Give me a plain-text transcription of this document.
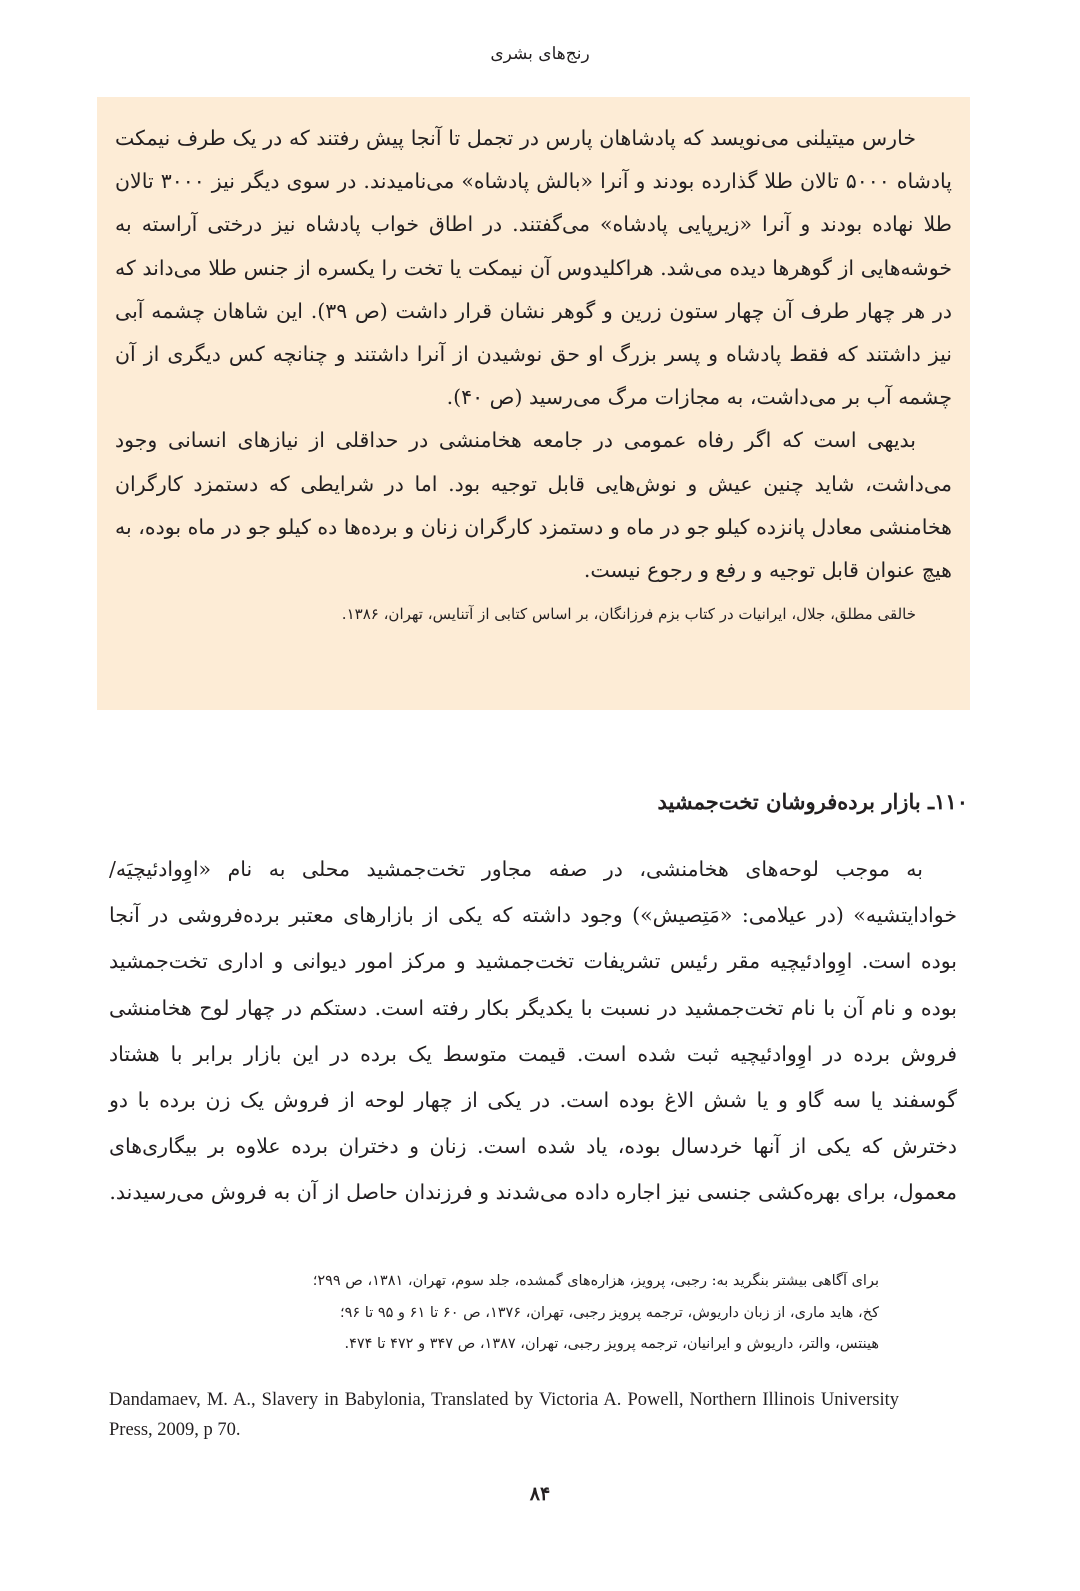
رنج‌های بشری

خارس میتیلنی می‌نویسد که پادشاهان پارس در تجمل تا آنجا پیش رفتند که در یک طرف نیمکت پادشاه ۵۰۰۰ تالان طلا گذارده بودند و آنرا «بالش پادشاه» می‌نامیدند. در سوی دیگر نیز ۳۰۰۰ تالان طلا نهاده بودند و آنرا «زیرپایی پادشاه» می‌گفتند. در اطاق خواب پادشاه نیز درختی آراسته به خوشه‌هایی از گوهرها دیده می‌شد. هراکلیدوس آن نیمکت یا تخت را یکسره از جنس طلا می‌داند که در هر چهار طرف آن چهار ستون زرین و گوهر نشان قرار داشت (ص ۳۹). این شاهان چشمه آبی نیز داشتند که فقط پادشاه و پسر بزرگ او حق نوشیدن از آنرا داشتند و چنانچه کس دیگری از آن چشمه آب بر می‌داشت، به مجازات مرگ می‌رسید (ص ۴۰).

بدیهی است که اگر رفاه عمومی در جامعه هخامنشی در حداقلی از نیازهای انسانی وجود می‌داشت، شاید چنین عیش و نوش‌هایی قابل توجیه بود. اما در شرایطی که دستمزد کارگران هخامنشی معادل پانزده کیلو جو در ماه و دستمزد کارگران زنان و برده‌ها ده کیلو جو در ماه بوده، به هیچ عنوان قابل توجیه و رفع و رجوع نیست.

خالقی مطلق، جلال، ایرانیات در کتاب بزم فرزانگان، بر اساس کتابی از آتنایس، تهران، ۱۳۸۶.

۱۱۰ـ بازار برده‌فروشان تخت‌جمشید

به موجب لوحه‌های هخامنشی، در صفه مجاور تخت‌جمشید محلی به نام «اوِوادئیچیَه/ خوادایتشیه» (در عیلامی: «مَتِصیش») وجود داشته که یکی از بازارهای معتبر برده‌فروشی در آنجا بوده است. اوِوادئیچیه مقر رئیس تشریفات تخت‌جمشید و مرکز امور دیوانی و اداری تخت‌جمشید بوده و نام آن با نام تخت‌جمشید در نسبت با یکدیگر بکار رفته است. دستکم در چهار لوح هخامنشی فروش برده در اوِوادئیچیه ثبت شده است. قیمت متوسط یک برده در این بازار برابر با هشتاد گوسفند یا سه گاو و یا شش الاغ بوده است. در یکی از چهار لوحه از فروش یک زن برده با دو دخترش که یکی از آنها خردسال بوده، یاد شده است. زنان و دختران برده علاوه بر بیگاری‌های معمول، برای بهره‌کشی جنسی نیز اجاره داده می‌شدند و فرزندان حاصل از آن به فروش می‌رسیدند.

برای آگاهی بیشتر بنگرید به: رجبی، پرویز، هزاره‌های گمشده، جلد سوم، تهران، ۱۳۸۱، ص ۲۹۹؛

کخ، هاید ماری، از زبان داریوش، ترجمه پرویز رجبی، تهران، ۱۳۷۶، ص ۶۰ تا ۶۱ و ۹۵ تا ۹۶؛

هینتس، والتر، داریوش و ایرانیان، ترجمه پرویز رجبی، تهران، ۱۳۸۷، ص ۳۴۷ و ۴۷۲ تا ۴۷۴.

Dandamaev, M. A., Slavery in Babylonia, Translated by Victoria A. Powell, Northern Illinois University Press, 2009, p 70.

۸۴
